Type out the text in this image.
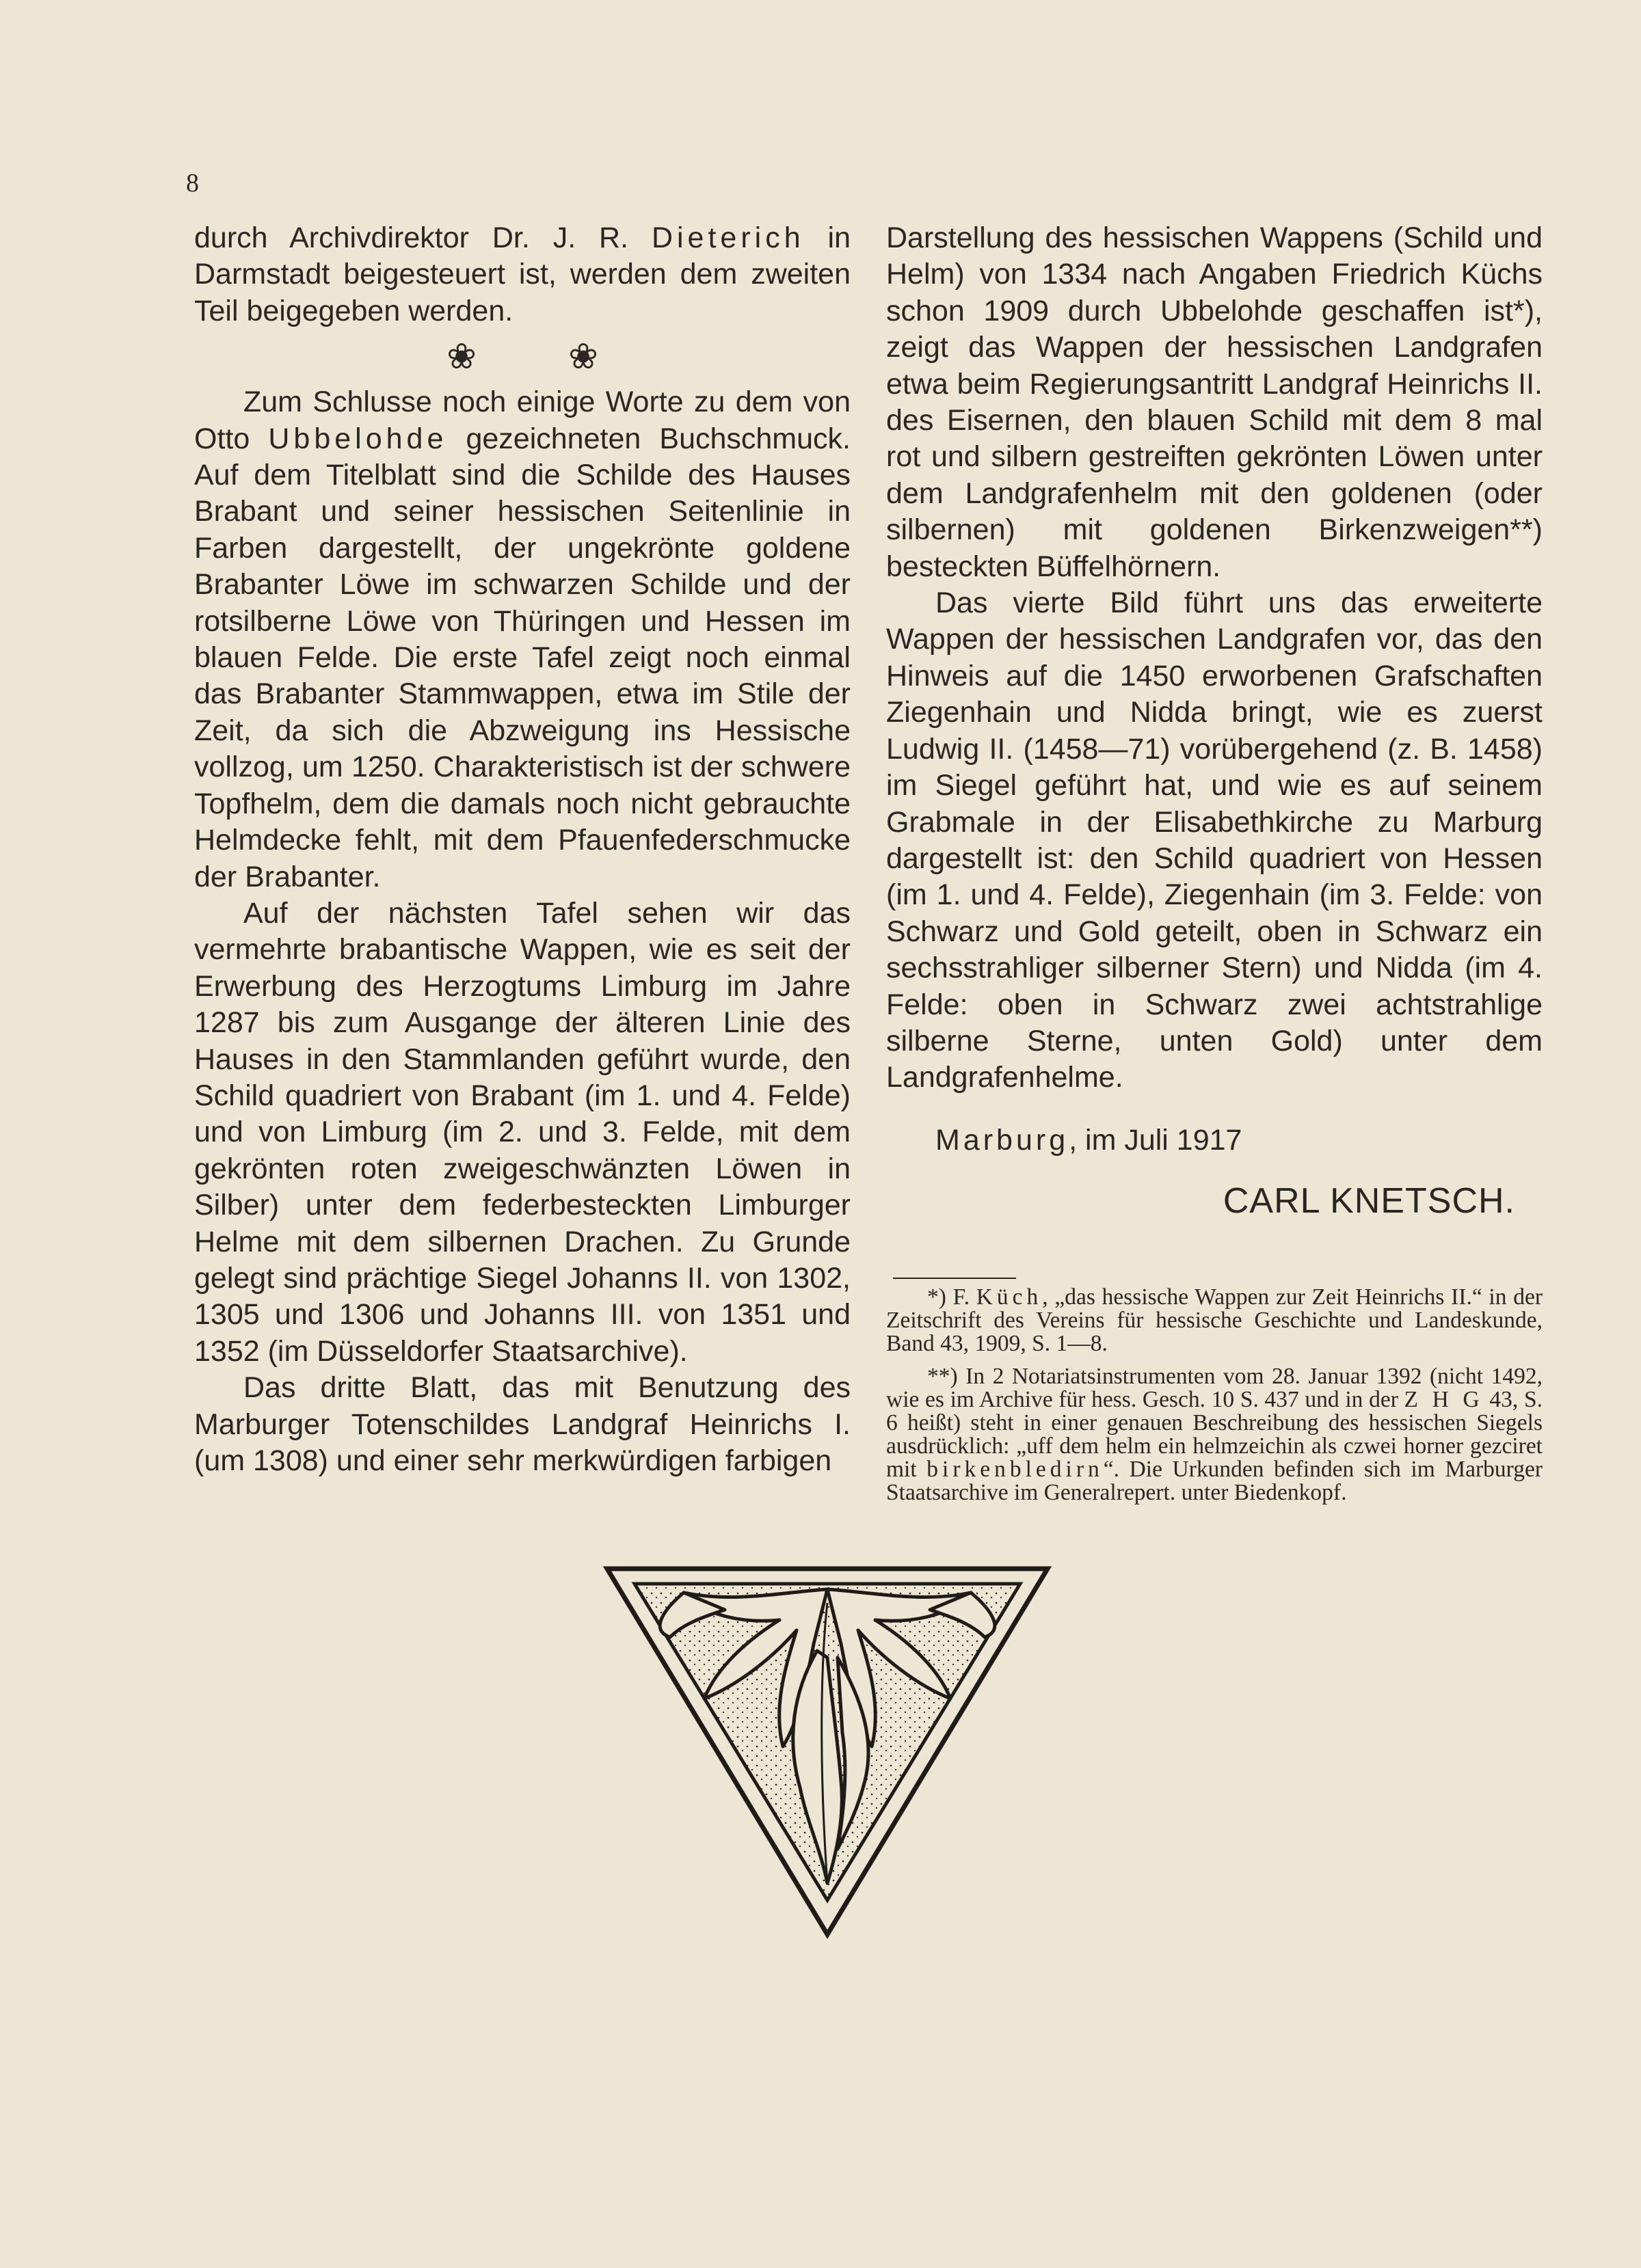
8

durch Archivdirektor Dr. J. R. Dieterich in Darmstadt beigesteuert ist, werden dem zweiten Teil beigegeben werden.

❀ ❀

Zum Schlusse noch einige Worte zu dem von Otto Ubbelohde gezeichneten Buchschmuck. Auf dem Titelblatt sind die Schilde des Hauses Brabant und seiner hessischen Seitenlinie in Farben dargestellt, der ungekrönte goldene Brabanter Löwe im schwarzen Schilde und der rotsilberne Löwe von Thüringen und Hessen im blauen Felde. Die erste Tafel zeigt noch einmal das Brabanter Stammwappen, etwa im Stile der Zeit, da sich die Abzweigung ins Hessische vollzog, um 1250. Charakteristisch ist der schwere Topfhelm, dem die damals noch nicht gebrauchte Helmdecke fehlt, mit dem Pfauenfederschmucke der Brabanter.

Auf der nächsten Tafel sehen wir das vermehrte brabantische Wappen, wie es seit der Erwerbung des Herzogtums Limburg im Jahre 1287 bis zum Ausgange der älteren Linie des Hauses in den Stammlanden geführt wurde, den Schild quadriert von Brabant (im 1. und 4. Felde) und von Limburg (im 2. und 3. Felde, mit dem gekrönten roten zweigeschwänzten Löwen in Silber) unter dem federbesteckten Limburger Helme mit dem silbernen Drachen. Zu Grunde gelegt sind prächtige Siegel Johanns II. von 1302, 1305 und 1306 und Johanns III. von 1351 und 1352 (im Düsseldorfer Staatsarchive).

Das dritte Blatt, das mit Benutzung des Marburger Totenschildes Landgraf Heinrichs I. (um 1308) und einer sehr merkwürdigen farbigen

Darstellung des hessischen Wappens (Schild und Helm) von 1334 nach Angaben Friedrich Küchs schon 1909 durch Ubbelohde geschaffen ist*), zeigt das Wappen der hessischen Landgrafen etwa beim Regierungsantritt Landgraf Heinrichs II. des Eisernen, den blauen Schild mit dem 8 mal rot und silbern gestreiften gekrönten Löwen unter dem Landgrafenhelm mit den goldenen (oder silbernen) mit goldenen Birkenzweigen**) besteckten Büffelhörnern.

Das vierte Bild führt uns das erweiterte Wappen der hessischen Landgrafen vor, das den Hinweis auf die 1450 erworbenen Grafschaften Ziegenhain und Nidda bringt, wie es zuerst Ludwig II. (1458—71) vorübergehend (z. B. 1458) im Siegel geführt hat, und wie es auf seinem Grabmale in der Elisabethkirche zu Marburg dargestellt ist: den Schild quadriert von Hessen (im 1. und 4. Felde), Ziegenhain (im 3. Felde: von Schwarz und Gold geteilt, oben in Schwarz ein sechsstrahliger silberner Stern) und Nidda (im 4. Felde: oben in Schwarz zwei achtstrahlige silberne Sterne, unten Gold) unter dem Landgrafenhelme.

Marburg, im Juli 1917

CARL KNETSCH.

*) F. Küch, „das hessische Wappen zur Zeit Heinrichs II.“ in der Zeitschrift des Vereins für hessische Geschichte und Landeskunde, Band 43, 1909, S. 1—8.

**) In 2 Notariatsinstrumenten vom 28. Januar 1392 (nicht 1492, wie es im Archive für hess. Gesch. 10 S. 437 und in der Z H G 43, S. 6 heißt) steht in einer genauen Beschreibung des hessischen Siegels ausdrücklich: „uff dem helm ein helmzeichin als czwei horner gezciret mit birkenbledirn“. Die Urkunden befinden sich im Marburger Staatsarchive im Generalrepert. unter Biedenkopf.
